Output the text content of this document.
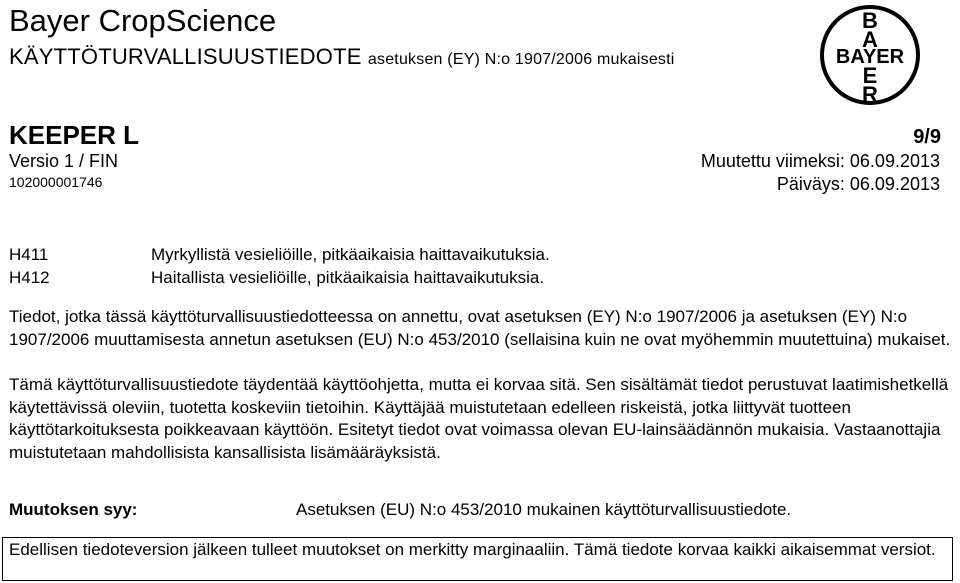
Bayer CropScience
KÄYTTÖTURVALLISUUSTIEDOTE asetuksen (EY) N:o 1907/2006 mukaisesti
B
A
BAYER
E
R
KEEPER L	9/9
Versio 1 / FIN	Muutettu viimeksi: 06.09.2013
102000001746	Päiväys: 06.09.2013
H411	Myrkyllistä vesieliöille, pitkäaikaisia haittavaikutuksia.
H412	Haitallista vesieliöille, pitkäaikaisia haittavaikutuksia.
Tiedot, jotka tässä käyttöturvallisuustiedotteessa on annettu, ovat asetuksen (EY) N:o 1907/2006 ja asetuksen (EY) N:o 1907/2006 muuttamisesta annetun asetuksen (EU) N:o 453/2010 (sellaisina kuin ne ovat myöhemmin muutettuina) mukaiset.
Tämä käyttöturvallisuustiedote täydentää käyttöohjetta, mutta ei korvaa sitä. Sen sisältämät tiedot perustuvat laatimishetkellä käytettävissä oleviin, tuotetta koskeviin tietoihin. Käyttäjää muistutetaan edelleen riskeistä, jotka liittyvät tuotteen käyttötarkoituksesta poikkeavaan käyttöön. Esitetyt tiedot ovat voimassa olevan EU-lainsäädännön mukaisia. Vastaanottajia muistutetaan mahdollisista kansallisista lisämääräyksistä.
Muutoksen syy:	Asetuksen (EU) N:o 453/2010 mukainen käyttöturvallisuustiedote.
Edellisen tiedoteversion jälkeen tulleet muutokset on merkitty marginaaliin. Tämä tiedote korvaa kaikki aikaisemmat versiot.
